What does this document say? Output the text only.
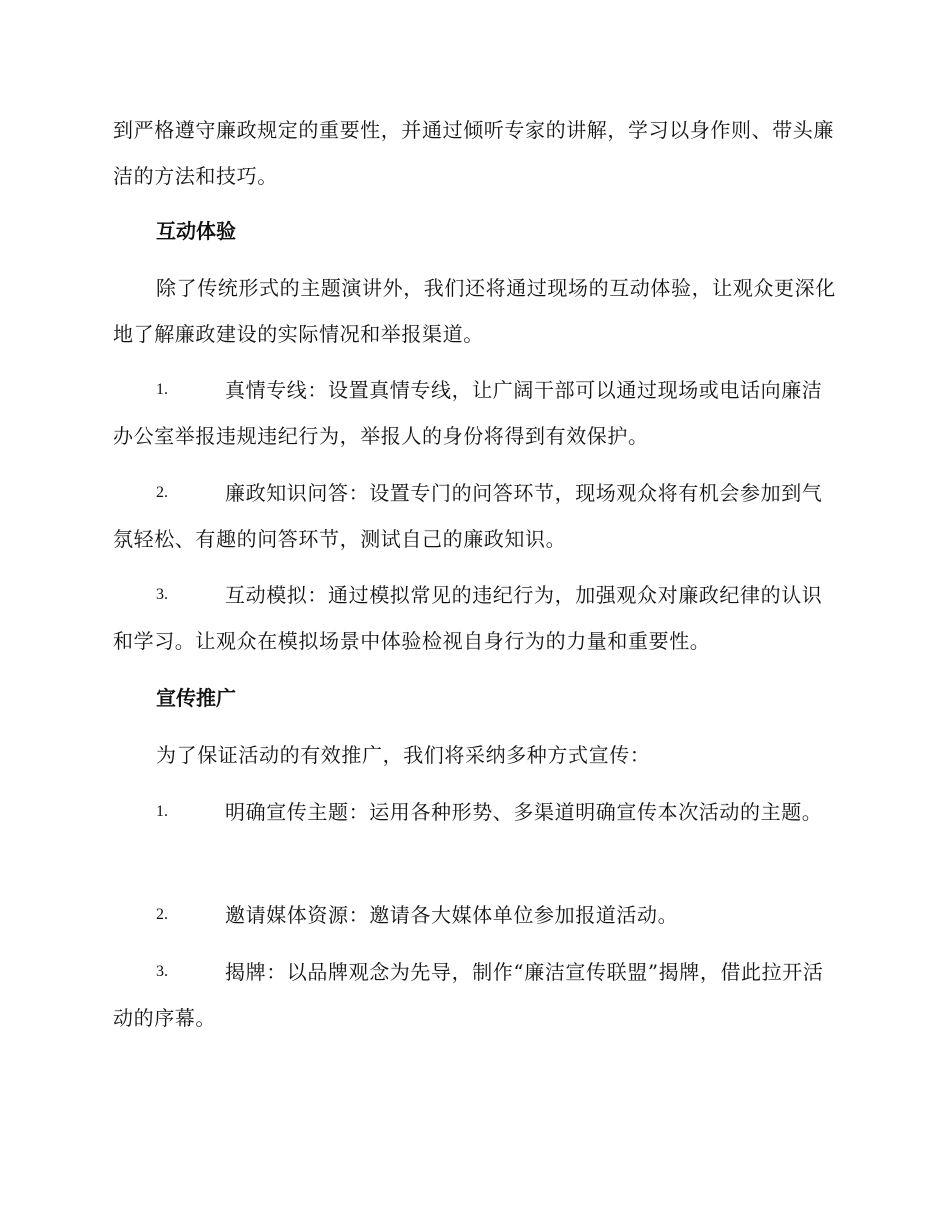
到严格遵守廉政规定的重要性，并通过倾听专家的讲解，学习以身作则、带头廉洁的方法和技巧。

互动体验

除了传统形式的主题演讲外，我们还将通过现场的互动体验，让观众更深化地了解廉政建设的实际情况和举报渠道。

1.	真情专线：设置真情专线，让广阔干部可以通过现场或电话向廉洁办公室举报违规违纪行为，举报人的身份将得到有效保护。

2.	廉政知识问答：设置专门的问答环节，现场观众将有机会参加到气氛轻松、有趣的问答环节，测试自己的廉政知识。

3.	互动模拟：通过模拟常见的违纪行为，加强观众对廉政纪律的认识和学习。让观众在模拟场景中体验检视自身行为的力量和重要性。

宣传推广

为了保证活动的有效推广，我们将采纳多种方式宣传：

1.	明确宣传主题：运用各种形势、多渠道明确宣传本次活动的主题。

2.	邀请媒体资源：邀请各大媒体单位参加报道活动。

3.	揭牌：以品牌观念为先导，制作“廉洁宣传联盟”揭牌，借此拉开活动的序幕。
